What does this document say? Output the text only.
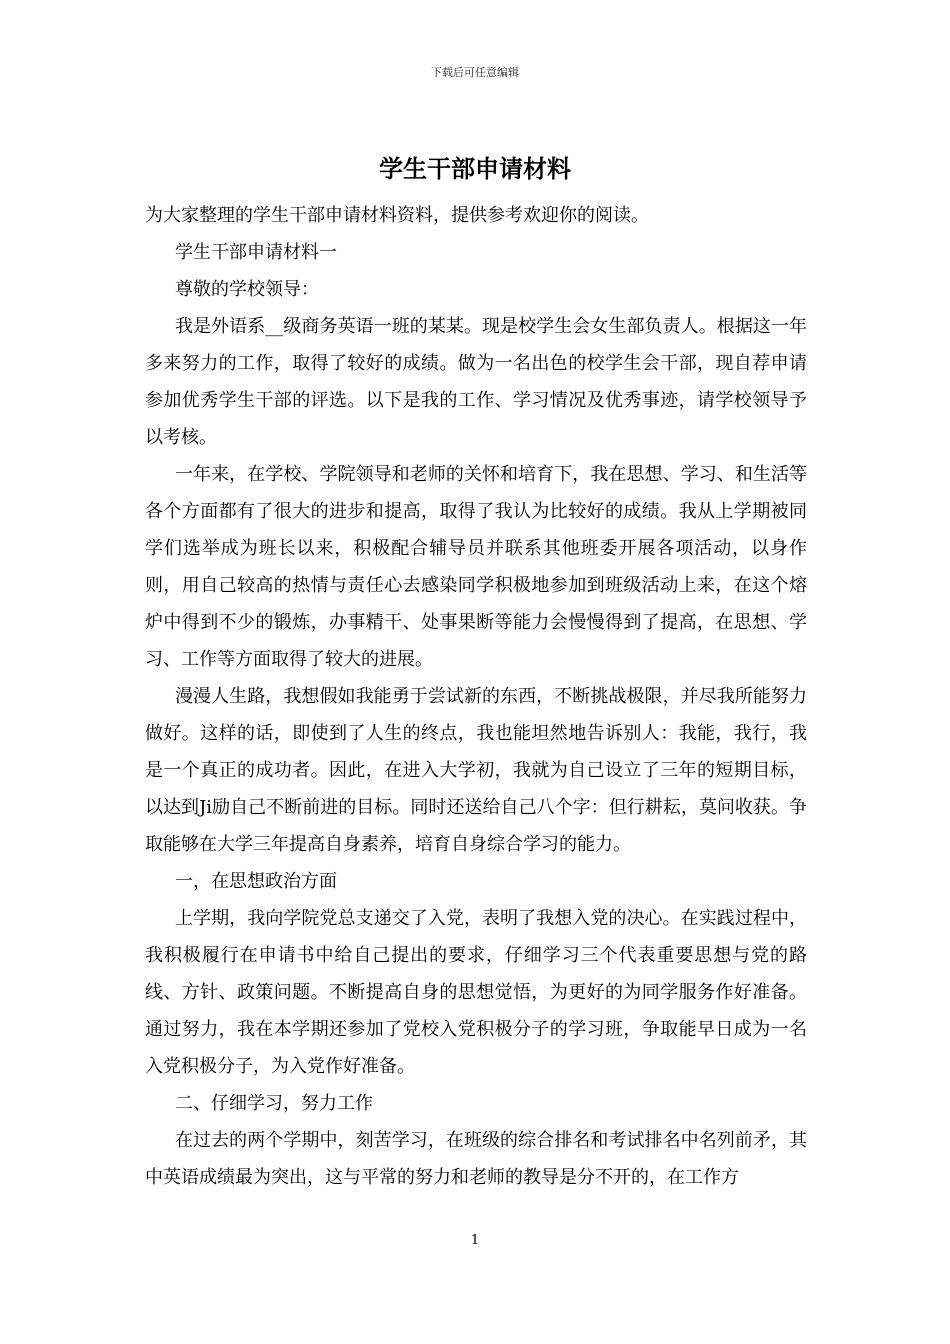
下载后可任意编辑
学生干部申请材料

为大家整理的学生干部申请材料资料，提供参考欢迎你的阅读。

学生干部申请材料一

尊敬的学校领导：

我是外语系__级商务英语一班的某某。现是校学生会女生部负责人。根据这一年多来努力的工作，取得了较好的成绩。做为一名出色的校学生会干部，现自荐申请参加优秀学生干部的评选。以下是我的工作、学习情况及优秀事迹，请学校领导予以考核。

一年来，在学校、学院领导和老师的关怀和培育下，我在思想、学习、和生活等各个方面都有了很大的进步和提高，取得了我认为比较好的成绩。我从上学期被同学们选举成为班长以来，积极配合辅导员并联系其他班委开展各项活动，以身作则，用自己较高的热情与责任心去感染同学积极地参加到班级活动上来，在这个熔炉中得到不少的锻炼，办事精干、处事果断等能力会慢慢得到了提高，在思想、学习、工作等方面取得了较大的进展。

漫漫人生路，我想假如我能勇于尝试新的东西，不断挑战极限，并尽我所能努力做好。这样的话，即使到了人生的终点，我也能坦然地告诉别人：我能，我行，我是一个真正的成功者。因此，在进入大学初，我就为自己设立了三年的短期目标，以达到Ji励自己不断前进的目标。同时还送给自己八个字：但行耕耘，莫问收获。争取能够在大学三年提高自身素养，培育自身综合学习的能力。

一，在思想政治方面

上学期，我向学院党总支递交了入党，表明了我想入党的决心。在实践过程中，我积极履行在申请书中给自己提出的要求，仔细学习三个代表重要思想与党的路线、方针、政策问题。不断提高自身的思想觉悟，为更好的为同学服务作好准备。通过努力，我在本学期还参加了党校入党积极分子的学习班，争取能早日成为一名入党积极分子，为入党作好准备。

二、仔细学习，努力工作

在过去的两个学期中，刻苦学习，在班级的综合排名和考试排名中名列前矛，其中英语成绩最为突出，这与平常的努力和老师的教导是分不开的，在工作方

1
